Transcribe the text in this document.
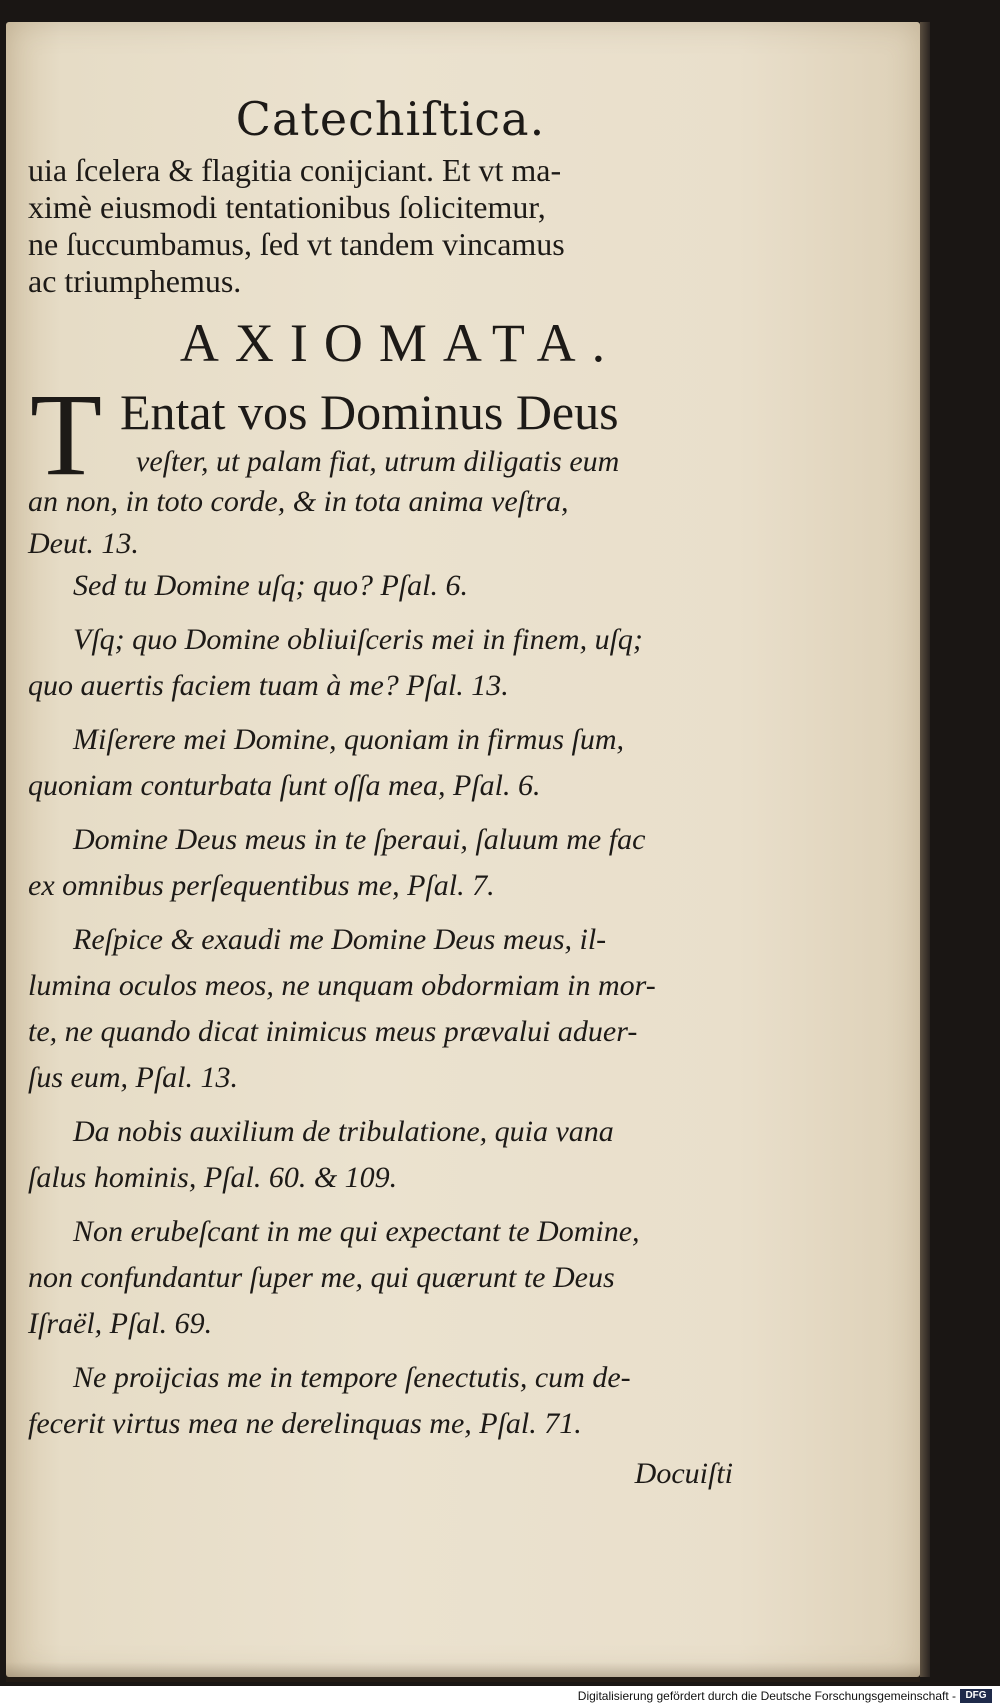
Catechiſtica.
uia ſcelera & flagitia conijciant. Et vt ma-
ximè eiusmodi tentationibus ſolicitemur,
ne ſuccumbamus, ſed vt tandem vincamus
ac triumphemus.
AXIOMATA.
T Entat vos Dominus Deus
veſter, ut palam fiat, utrum diligatis eum
an non, in toto corde, & in tota anima veſtra,
Deut. 13.
Sed tu Domine uſq; quo? Pſal. 6.
Vſq; quo Domine obliuiſceris mei in finem, uſq;
quo auertis faciem tuam à me? Pſal. 13.
Miſerere mei Domine, quoniam in firmus ſum,
quoniam conturbata ſunt oſſa mea, Pſal. 6.
Domine Deus meus in te ſperaui, ſaluum me fac
ex omnibus perſequentibus me, Pſal. 7.
Reſpice & exaudi me Domine Deus meus, il-
lumina oculos meos, ne unquam obdormiam in mor-
te, ne quando dicat inimicus meus prævalui aduer-
ſus eum, Pſal. 13.
Da nobis auxilium de tribulatione, quia vana
ſalus hominis, Pſal. 60. & 109.
Non erubeſcant in me qui expectant te Domine,
non confundantur ſuper me, qui quærunt te Deus
Iſraël, Pſal. 69.
Ne proijcias me in tempore ſenectutis, cum de-
fecerit virtus mea ne derelinquas me, Pſal. 71.
Docuiſti
Digitalisierung gefördert durch die Deutsche Forschungsgemeinschaft - DFG
